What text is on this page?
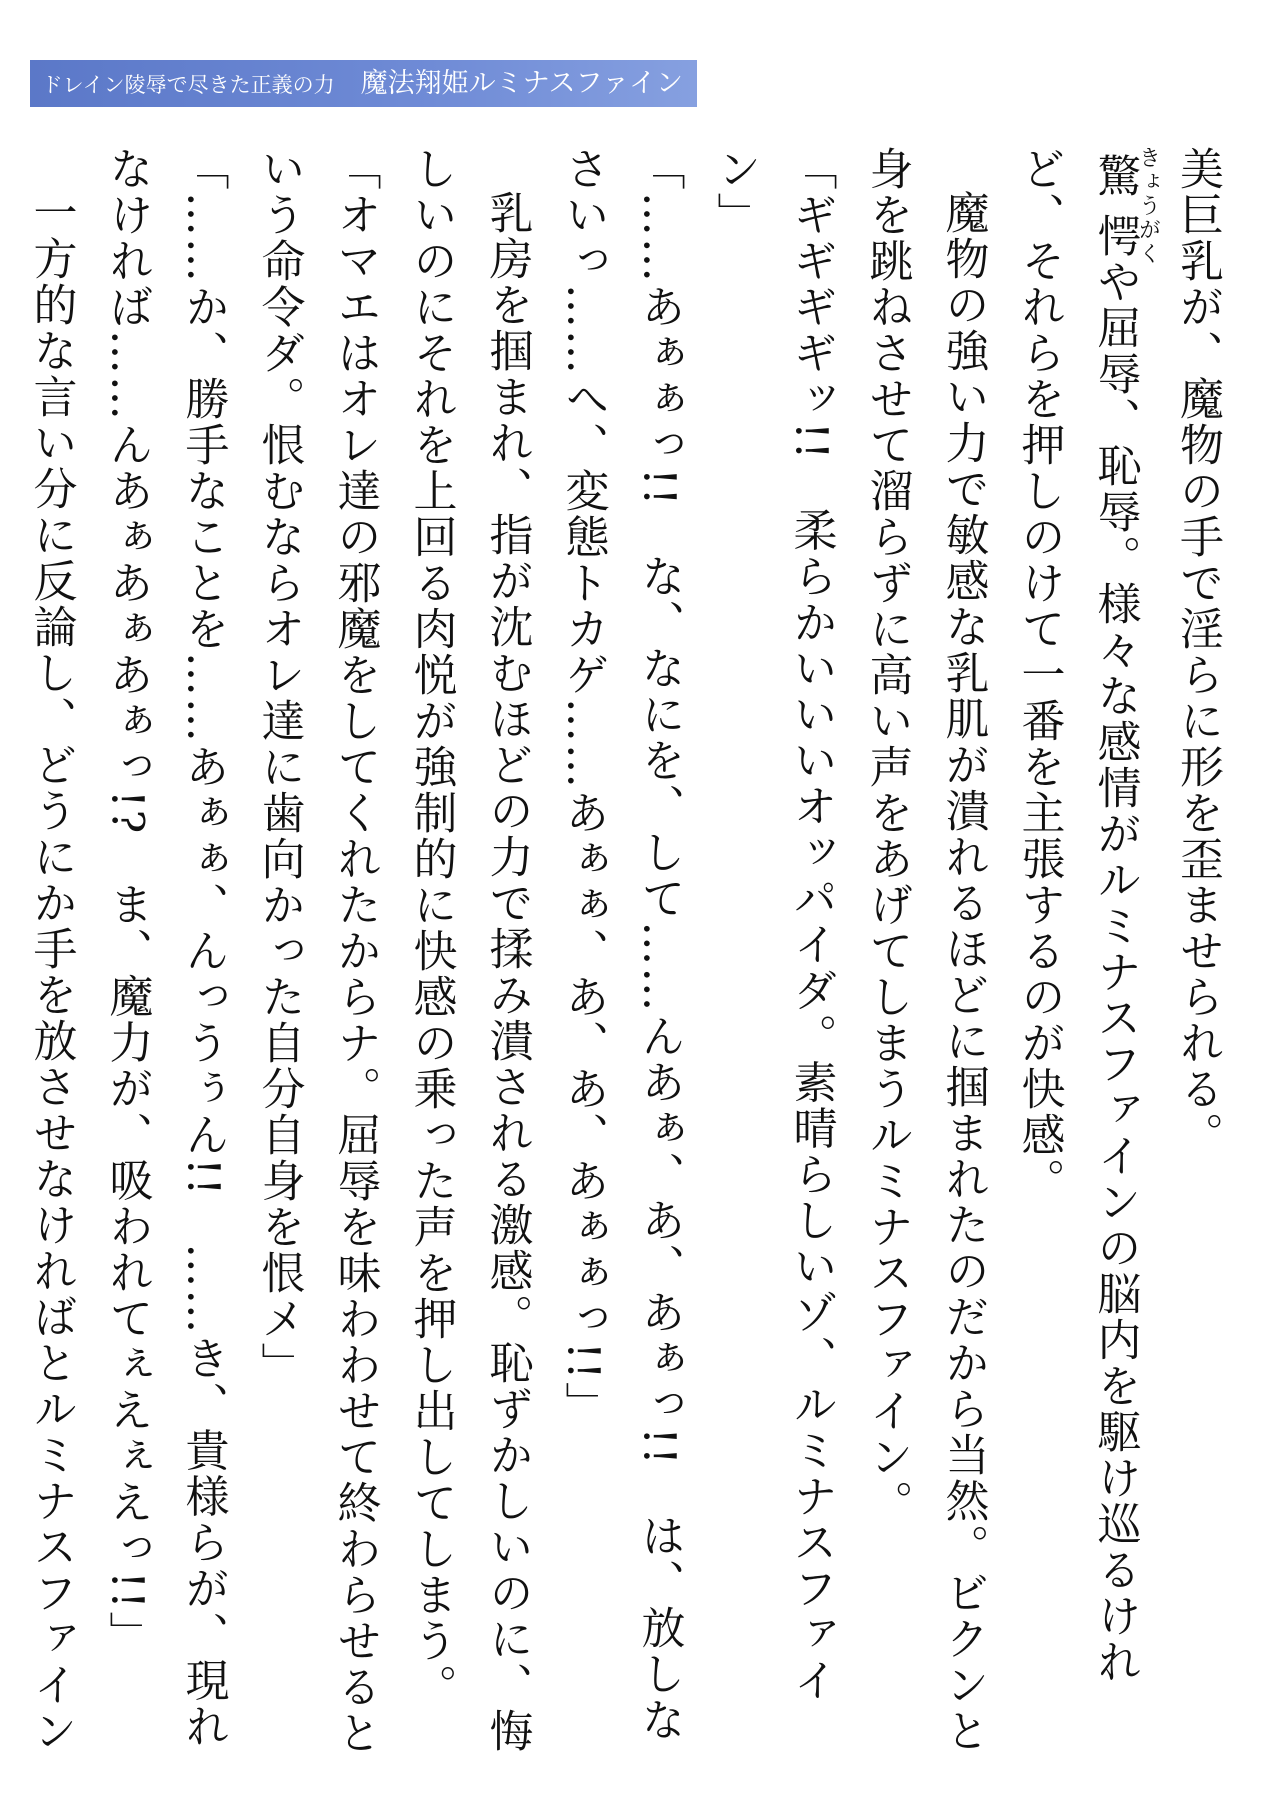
ドレイン陵辱で尽きた正義の力 魔法翔姫ルミナスファイン

美巨乳が、魔物の手で淫らに形を歪ませられる。

驚愕きょうがくや屈辱、恥辱。様々な感情がルミナスファインの脳内を駆け巡るけれど、それらを押しのけて一番を主張するのが快感。

魔物の強い力で敏感な乳肌が潰れるほどに掴まれたのだから当然。ビクンと身を跳ねさせて溜らずに高い声をあげてしまうルミナスファイン。

「ギギギギッ!!　柔らかいいいオッパイダ。素晴らしいゾ、ルミナスファイン」

「……あぁぁっ!!　な、なにを、して……んあぁ、あ、あぁっ!!　は、放しなさいっ……へ、変態トカゲ……あぁぁ、あ、あ、あぁぁっ!!」

乳房を掴まれ、指が沈むほどの力で揉み潰される激感。恥ずかしいのに、悔しいのにそれを上回る肉悦が強制的に快感の乗った声を押し出してしまう。

「オマエはオレ達の邪魔をしてくれたからナ。屈辱を味わわせて終わらせるという命令ダ。恨むならオレ達に歯向かった自分自身を恨メ」

「……か、勝手なことを……あぁぁ、んっうぅん!!　……き、貴様らが、現れなければ……んあぁあぁあぁっ!?　ま、魔力が、吸われてぇえぇえっ!!」

一方的な言い分に反論し、どうにか手を放させなければとルミナスファイン
